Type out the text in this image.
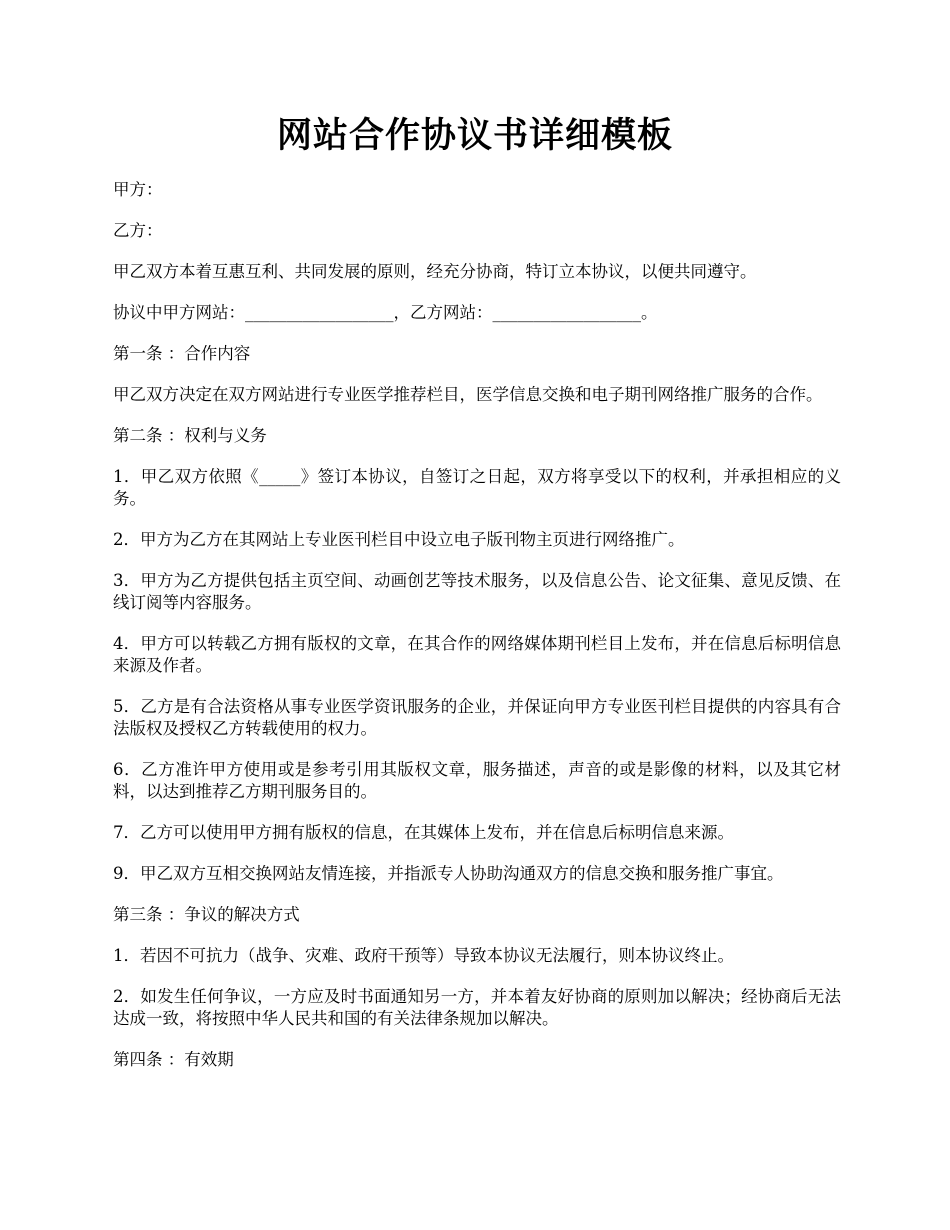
网站合作协议书详细模板

甲方：

乙方：

甲乙双方本着互惠互利、共同发展的原则，经充分协商，特订立本协议，以便共同遵守。

协议中甲方网站：__________________，乙方网站：__________________。

第一条 ：合作内容

甲乙双方决定在双方网站进行专业医学推荐栏目，医学信息交换和电子期刊网络推广服务的合作。

第二条 ：权利与义务

1．甲乙双方依照《_____》签订本协议，自签订之日起，双方将享受以下的权利，并承担相应的义务。

2．甲方为乙方在其网站上专业医刊栏目中设立电子版刊物主页进行网络推广。

3．甲方为乙方提供包括主页空间、动画创艺等技术服务，以及信息公告、论文征集、意见反馈、在线订阅等内容服务。

4．甲方可以转载乙方拥有版权的文章，在其合作的网络媒体期刊栏目上发布，并在信息后标明信息来源及作者。

5．乙方是有合法资格从事专业医学资讯服务的企业，并保证向甲方专业医刊栏目提供的内容具有合法版权及授权乙方转载使用的权力。

6．乙方准许甲方使用或是参考引用其版权文章，服务描述，声音的或是影像的材料，以及其它材料，以达到推荐乙方期刊服务目的。

7．乙方可以使用甲方拥有版权的信息，在其媒体上发布，并在信息后标明信息来源。

9．甲乙双方互相交换网站友情连接，并指派专人协助沟通双方的信息交换和服务推广事宜。

第三条 ：争议的解决方式

1．若因不可抗力（战争、灾难、政府干预等）导致本协议无法履行，则本协议终止。

2．如发生任何争议，一方应及时书面通知另一方，并本着友好协商的原则加以解决；经协商后无法达成一致，将按照中华人民共和国的有关法律条规加以解决。

第四条 ：有效期
